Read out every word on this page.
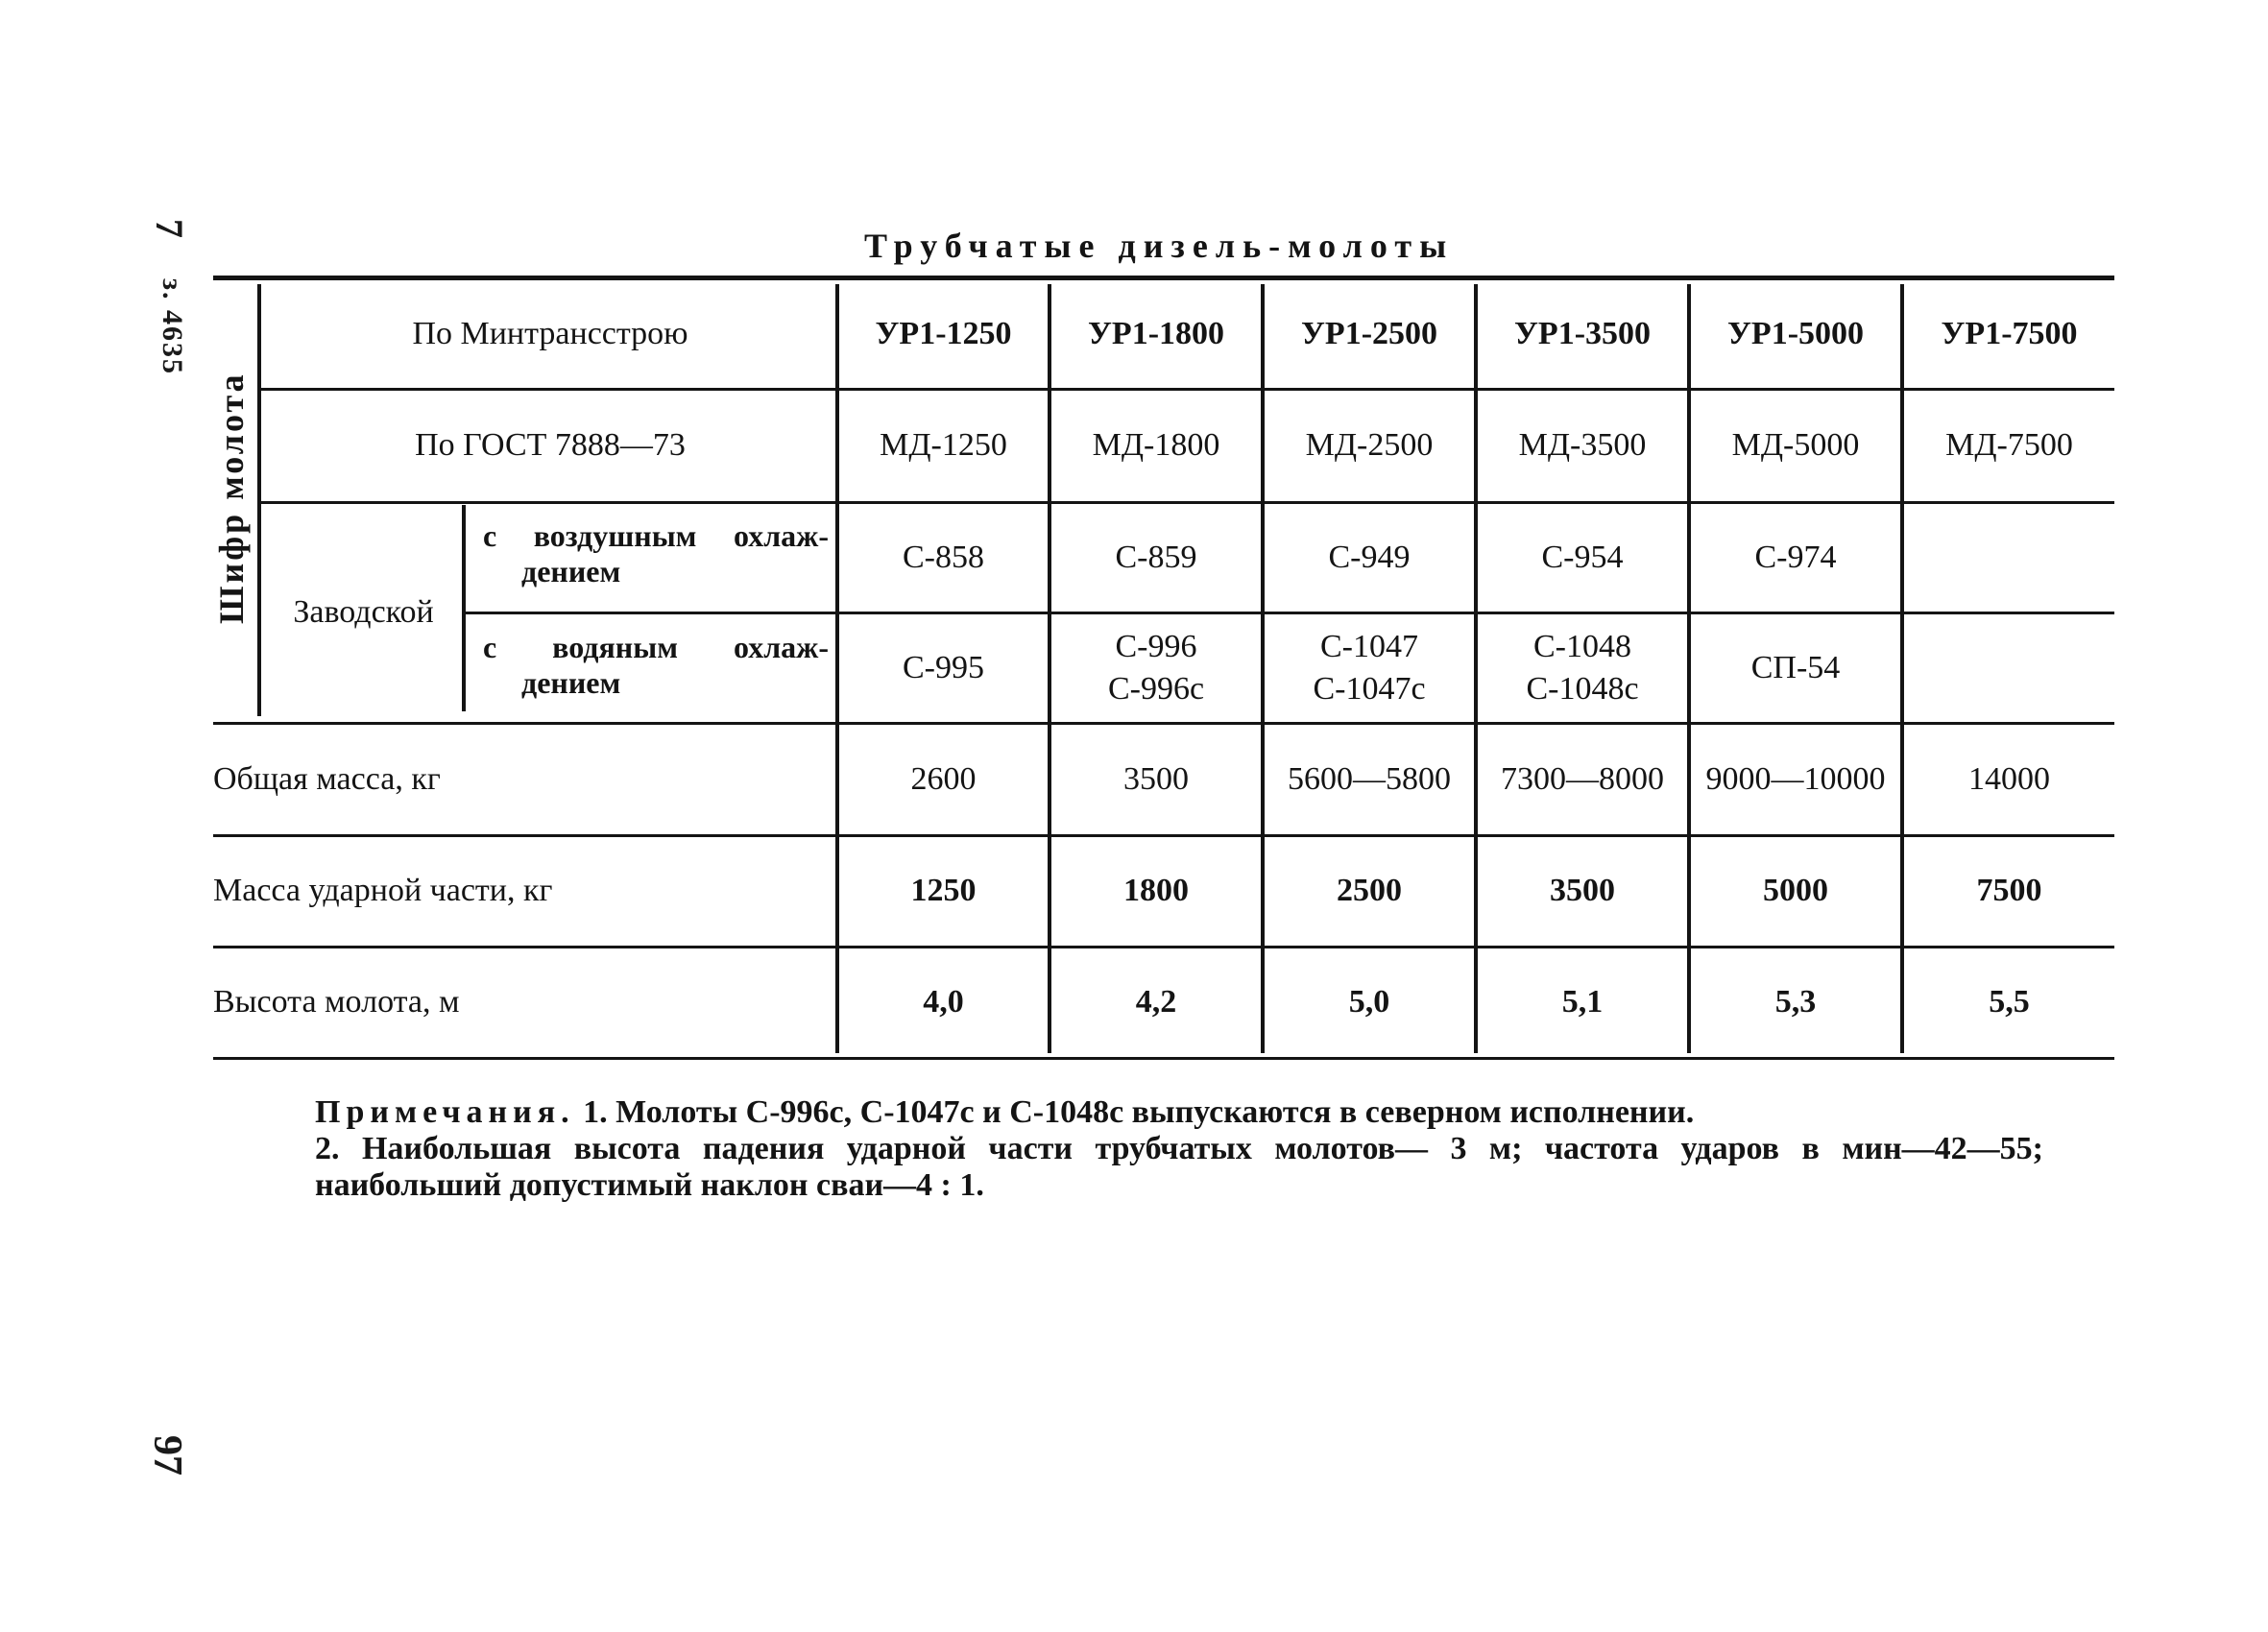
7
з. 4635
97
Трубчатые дизель-молоты
Шифр молота
По Минтрансстрою
По ГОСТ 7888—73
Заводской
с воздушным охлаж-
дением
с водяным охлаж-
дением
Общая масса, кг
Масса ударной части, кг
Высота молота, м
УР1-1250
МД-1250
С-858
С-995
2600
1250
4,0
УР1-1800
МД-1800
С-859
С-996
С-996с
3500
1800
4,2
УР1-2500
МД-2500
С-949
С-1047
С-1047с
5600—5800
2500
5,0
УР1-3500
МД-3500
С-954
С-1048
С-1048с
7300—8000
3500
5,1
УР1-5000
МД-5000
С-974
СП-54
9000—10000
5000
5,3
УР1-7500
МД-7500
14000
7500
5,5

Примечания. 1. Молоты С-996с, С-1047с и С-1048с выпускаются в северном исполнении.

2. Наибольшая высота падения ударной части трубчатых молотов— 3 м; частота ударов в мин—42—55;

наибольший допустимый наклон сваи—4 : 1.
